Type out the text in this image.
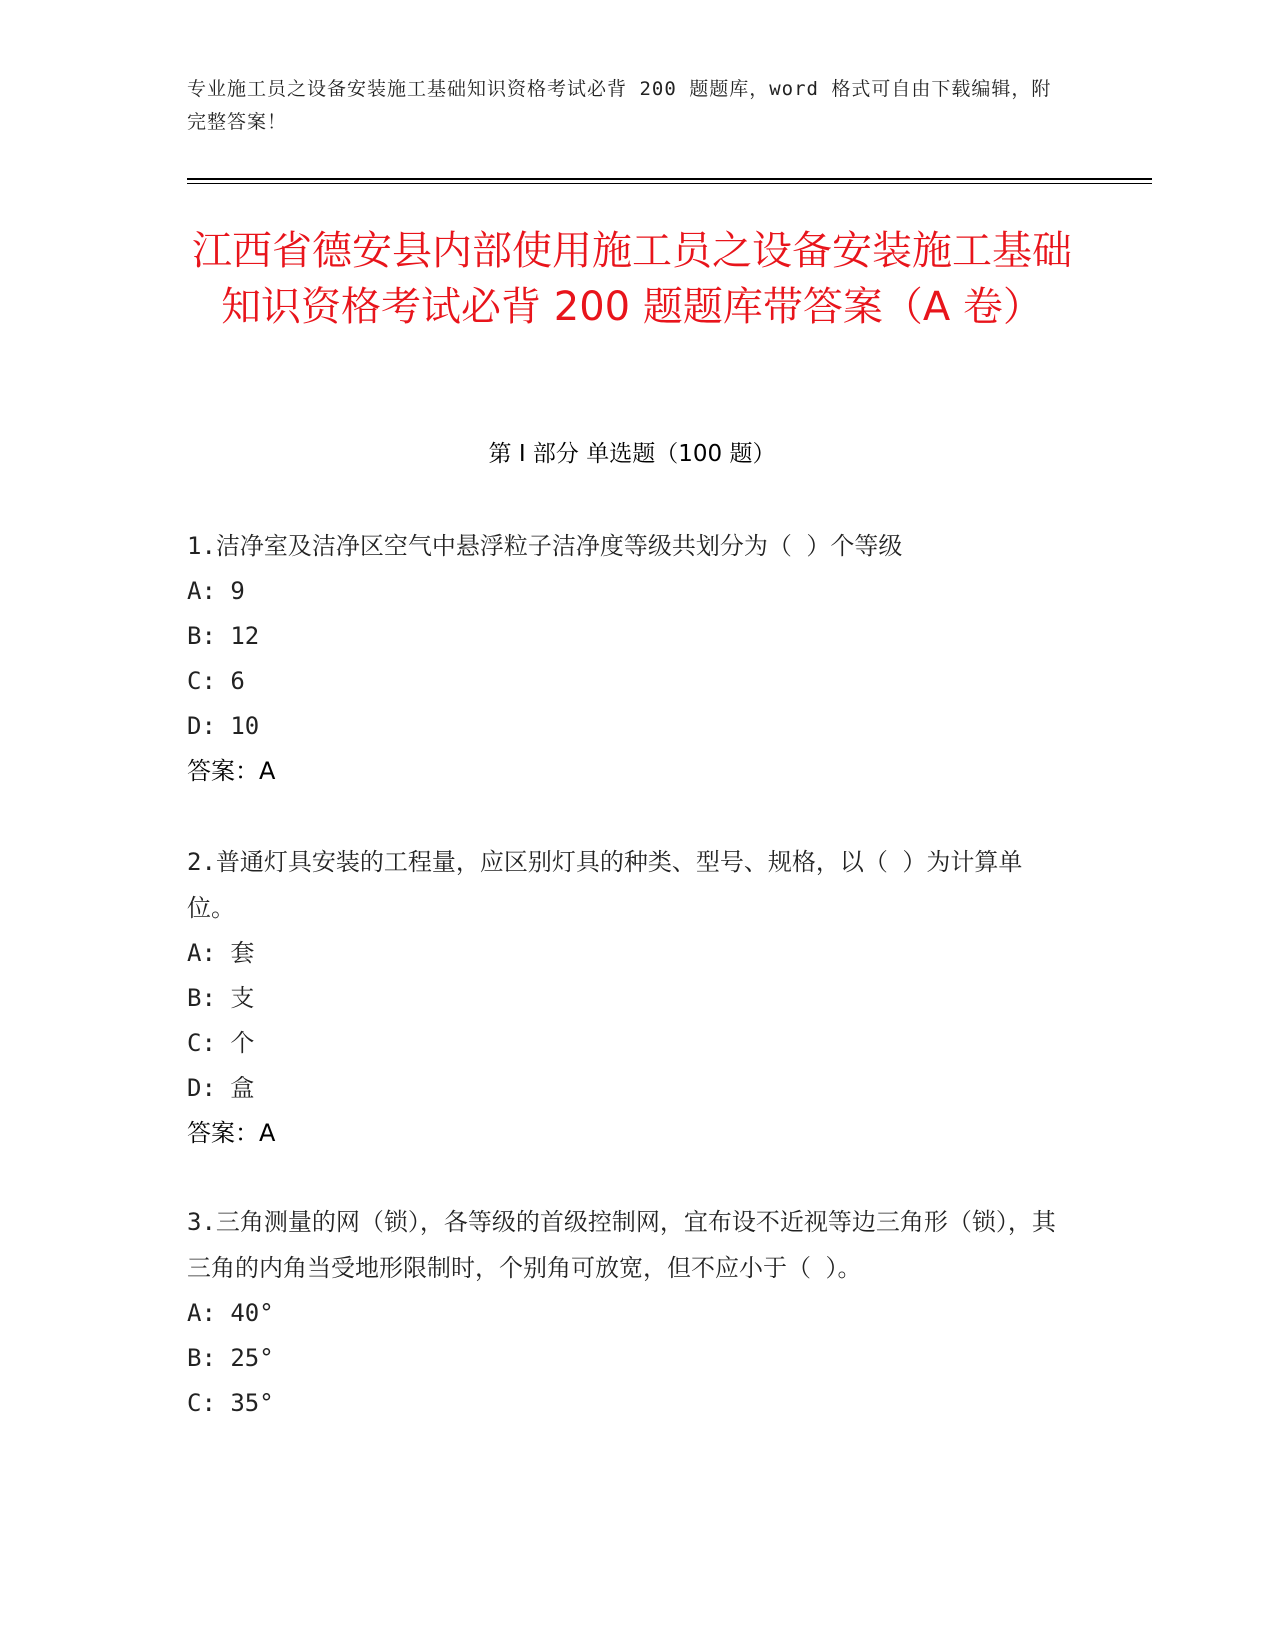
专业施工员之设备安装施工基础知识资格考试必背 200 题题库，word 格式可自由下载编辑，附完整答案！
江西省德安县内部使用施工员之设备安装施工基础知识资格考试必背 200 题题库带答案（A 卷）
第 I 部分 单选题（100 题）

1.洁净室及洁净区空气中悬浮粒子洁净度等级共划分为（ ）个等级

A: 9

B: 12

C: 6

D: 10

答案：A

2.普通灯具安装的工程量，应区别灯具的种类、型号、规格，以（ ）为计算单位。

A: 套

B: 支

C: 个

D: 盒

答案：A

3.三角测量的网（锁），各等级的首级控制网，宜布设不近视等边三角形（锁），其三角的内角当受地形限制时，个别角可放宽，但不应小于（ ）。

A: 40°

B: 25°

C: 35°
